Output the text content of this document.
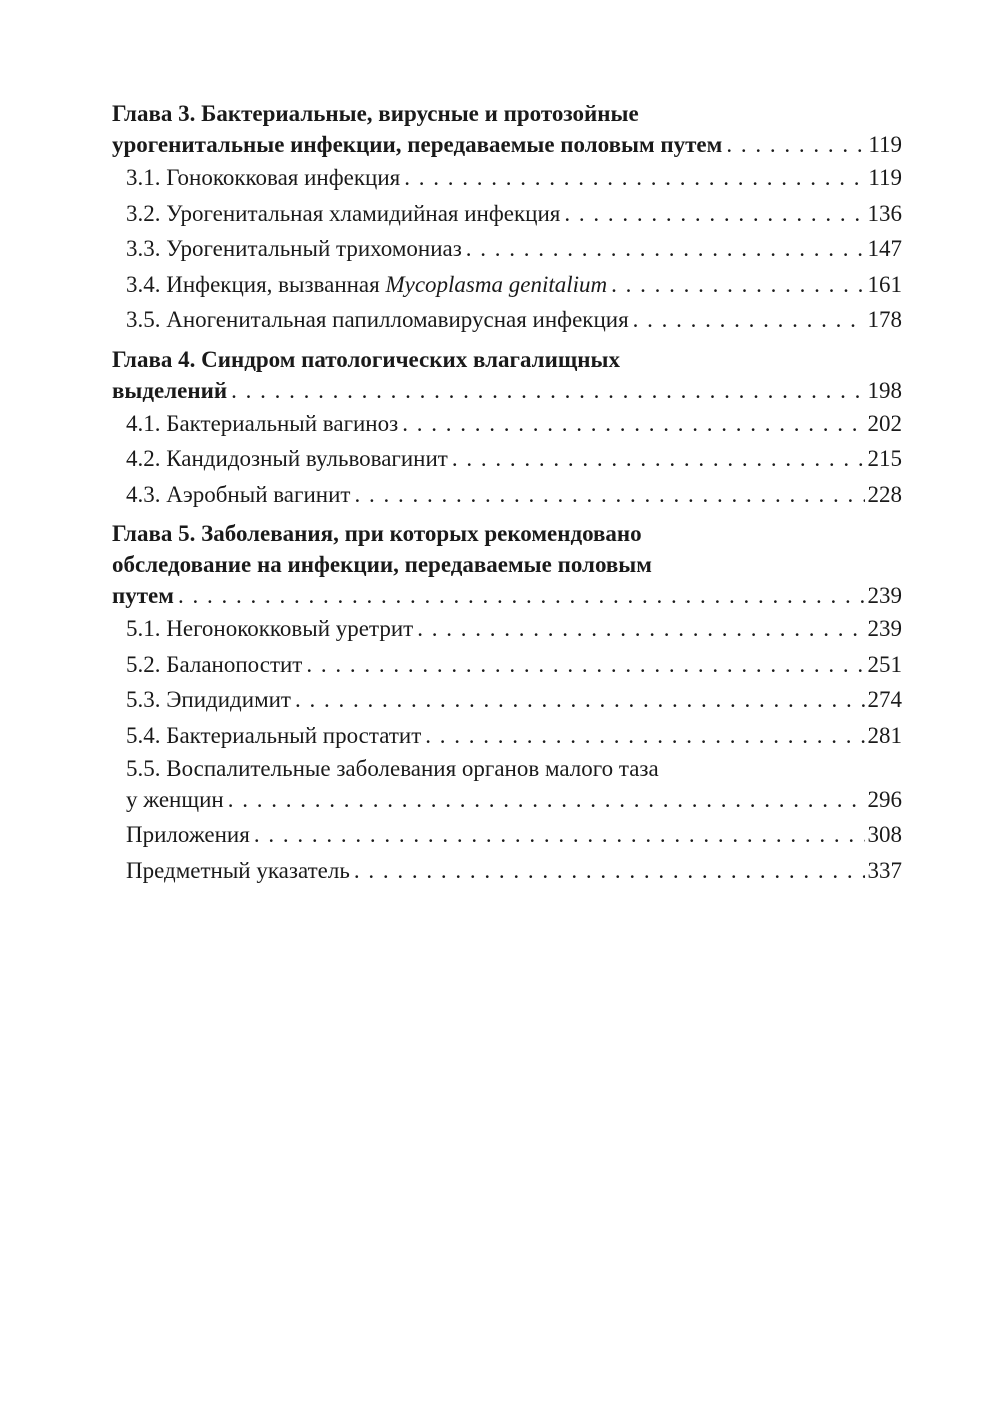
Глава 3. Бактериальные, вирусные и протозойные
урогенитальные инфекции, передаваемые половым путем . . .	119
3.1. Гонококковая инфекция . . .	119
3.2. Урогенитальная хламидийная инфекция . . .	136
3.3. Урогенитальный трихомониаз . . .	147
3.4. Инфекция, вызванная Mycoplasma genitalium . . .	161
3.5. Аногенитальная папилломавирусная инфекция . . .	178
Глава 4. Синдром патологических влагалищных
выделений . . .	198
4.1. Бактериальный вагиноз . . .	202
4.2. Кандидозный вульвовагинит . . .	215
4.3. Аэробный вагинит . . .	228
Глава 5. Заболевания, при которых рекомендовано
обследование на инфекции, передаваемые половым
путем . . .	239
5.1. Негонококковый уретрит . . .	239
5.2. Баланопостит . . .	251
5.3. Эпидидимит . . .	274
5.4. Бактериальный простатит . . .	281
5.5. Воспалительные заболевания органов малого таза
у женщин . . .	296
Приложения . . .	308
Предметный указатель . . .	337
